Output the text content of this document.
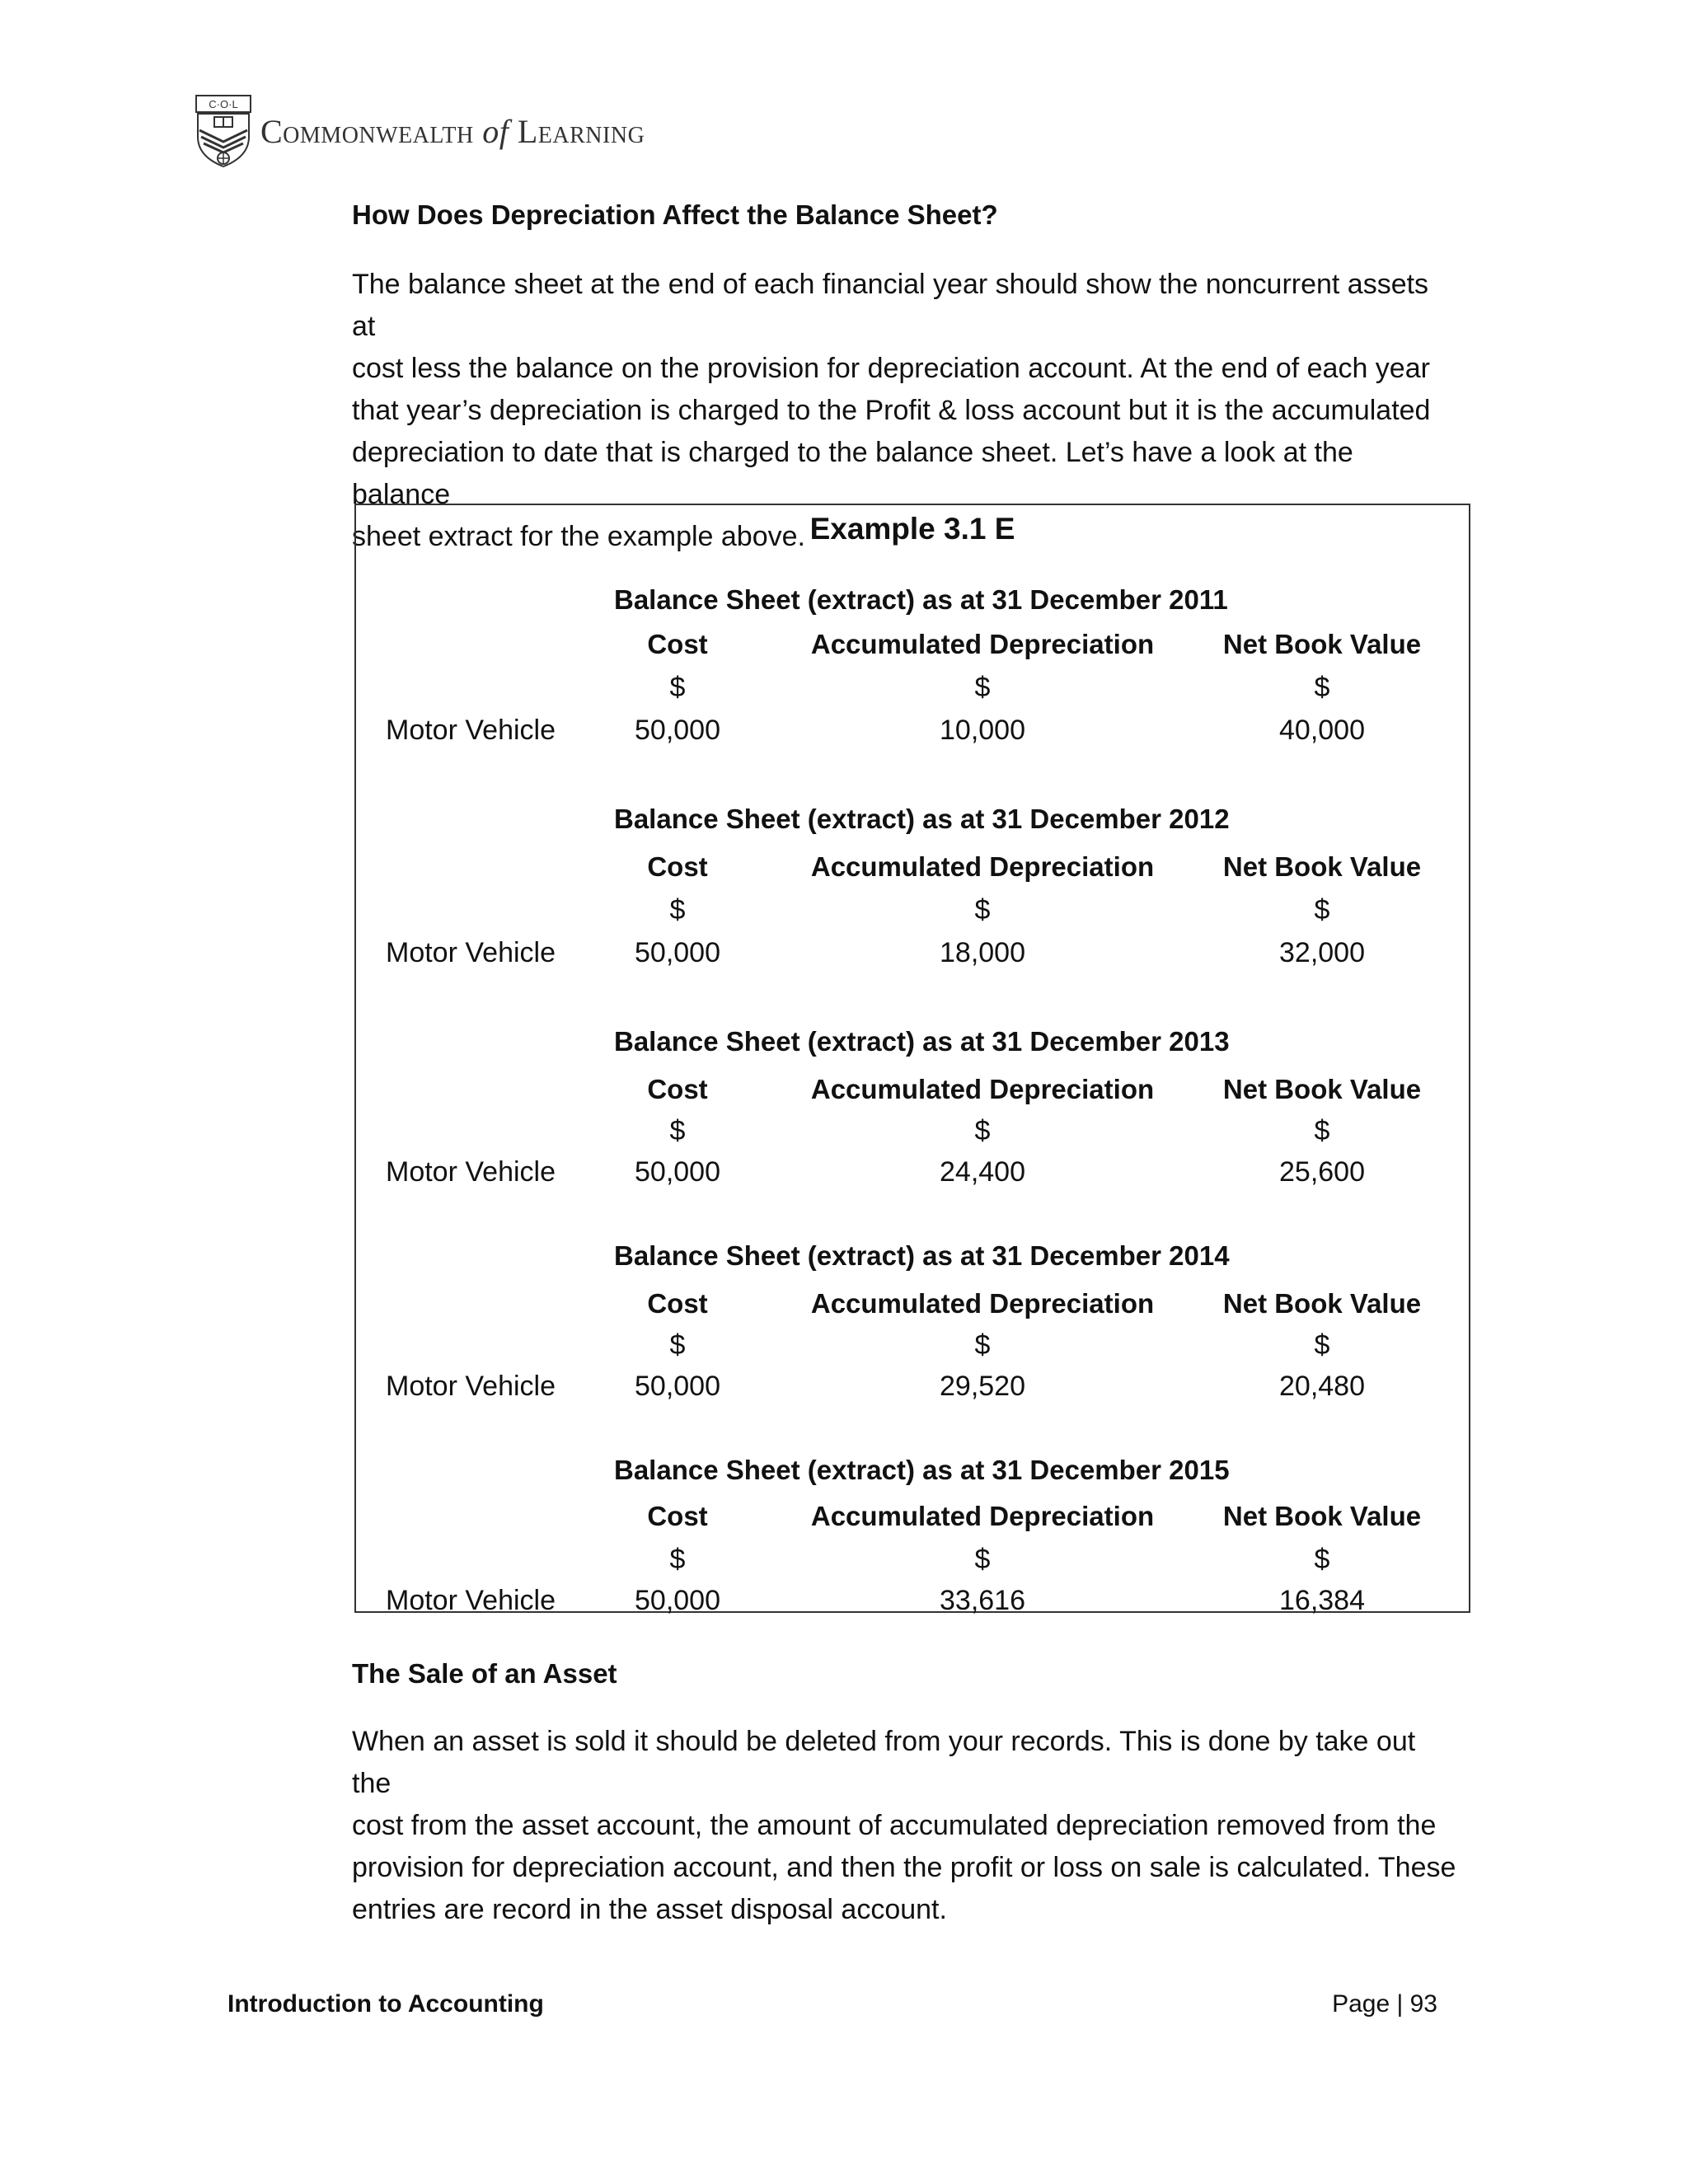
C·O·L
Commonwealth of Learning
How Does Depreciation Affect the Balance Sheet?

The balance sheet at the end of each financial year should show the noncurrent assets at

cost less the balance on the provision for depreciation account. At the end of each year

that year’s depreciation is charged to the Profit & loss account but it is the accumulated

depreciation to date that is charged to the balance sheet. Let’s have a look at the balance

sheet extract for the example above. Example 3.1 E
Balance Sheet (extract) as at 31 December 2011
Cost	Accumulated Depreciation	Net Book Value
$	$	$
Motor Vehicle	50,000	10,000	40,000
Balance Sheet (extract) as at 31 December 2012
Cost	Accumulated Depreciation	Net Book Value
$	$	$
Motor Vehicle	50,000	18,000	32,000
Balance Sheet (extract) as at 31 December 2013
Cost	Accumulated Depreciation	Net Book Value
$	$	$
Motor Vehicle	50,000	24,400	25,600
Balance Sheet (extract) as at 31 December 2014
Cost	Accumulated Depreciation	Net Book Value
$	$	$
Motor Vehicle	50,000	29,520	20,480
Balance Sheet (extract) as at 31 December 2015
Cost	Accumulated Depreciation	Net Book Value
$	$	$
Motor Vehicle	50,000	33,616	16,384
The Sale of an Asset

When an asset is sold it should be deleted from your records. This is done by take out the

cost from the asset account, the amount of accumulated depreciation removed from the

provision for depreciation account, and then the profit or loss on sale is calculated. These

entries are record in the asset disposal account.

Introduction to Accounting	Page | 93
